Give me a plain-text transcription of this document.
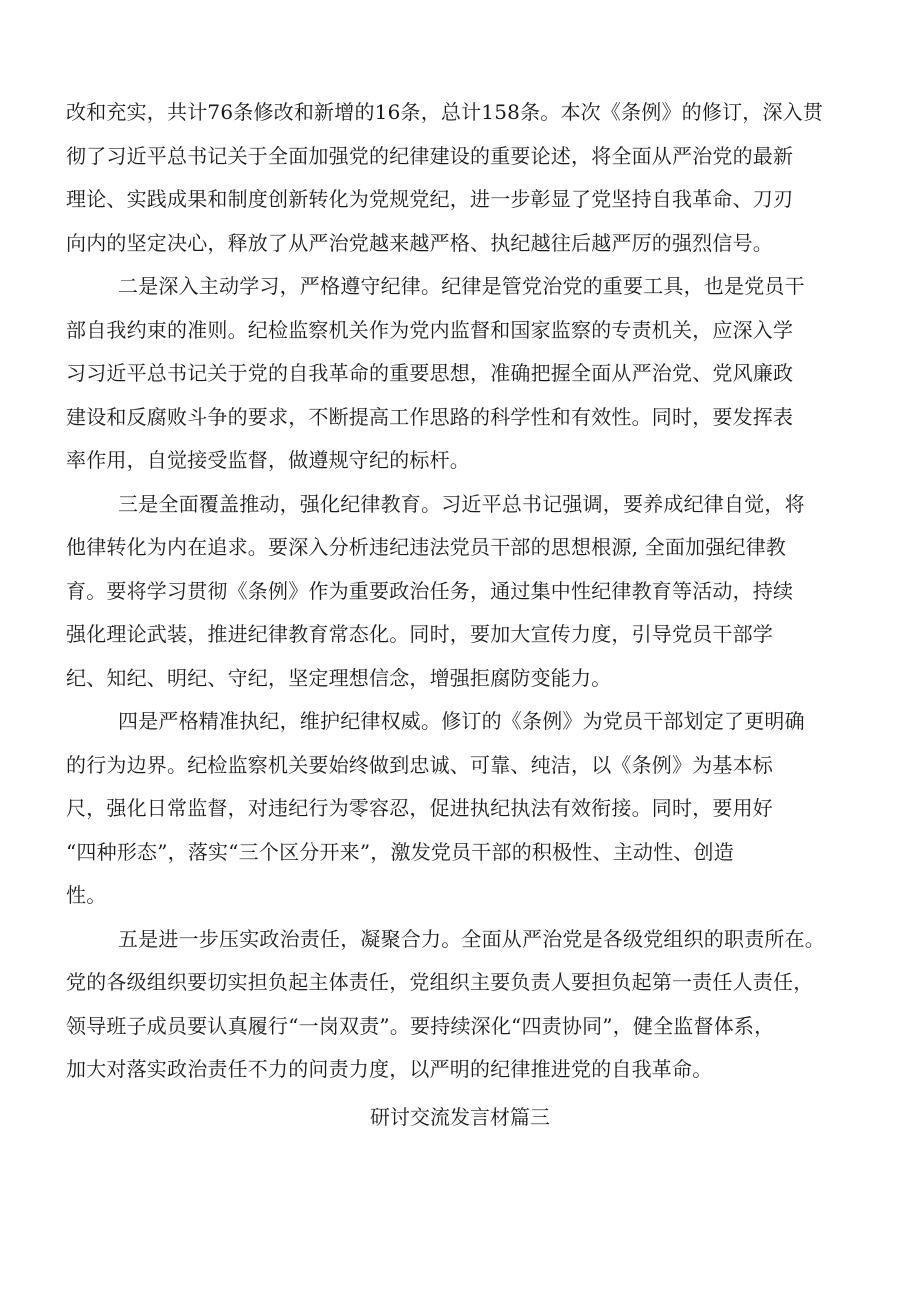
改和充实，共计76条修改和新增的16条，总计158条。本次《条例》的修订，深入贯
彻了习近平总书记关于全面加强党的纪律建设的重要论述，将全面从严治党的最新
理论、实践成果和制度创新转化为党规党纪，进一步彰显了党坚持自我革命、刀刃
向内的坚定决心，释放了从严治党越来越严格、执纪越往后越严厉的强烈信号。
二是深入主动学习，严格遵守纪律。纪律是管党治党的重要工具，也是党员干
部自我约束的准则。纪检监察机关作为党内监督和国家监察的专责机关，应深入学
习习近平总书记关于党的自我革命的重要思想，准确把握全面从严治党、党风廉政
建设和反腐败斗争的要求，不断提高工作思路的科学性和有效性。同时，要发挥表
率作用，自觉接受监督，做遵规守纪的标杆。
三是全面覆盖推动，强化纪律教育。习近平总书记强调，要养成纪律自觉，将
他律转化为内在追求。要深入分析违纪违法党员干部的思想根源, 全面加强纪律教
育。要将学习贯彻《条例》作为重要政治任务，通过集中性纪律教育等活动，持续
强化理论武装，推进纪律教育常态化。同时，要加大宣传力度，引导党员干部学
纪、知纪、明纪、守纪，坚定理想信念，增强拒腐防变能力。
四是严格精准执纪，维护纪律权威。修订的《条例》为党员干部划定了更明确
的行为边界。纪检监察机关要始终做到忠诚、可靠、纯洁，以《条例》为基本标
尺，强化日常监督，对违纪行为零容忍，促进执纪执法有效衔接。同时，要用好
“四种形态”，落实“三个区分开来”，激发党员干部的积极性、主动性、创造
性。
五是进一步压实政治责任，凝聚合力。全面从严治党是各级党组织的职责所在。
党的各级组织要切实担负起主体责任，党组织主要负责人要担负起第一责任人责任，
领导班子成员要认真履行“一岗双责”。要持续深化“四责协同”，健全监督体系，
加大对落实政治责任不力的问责力度，以严明的纪律推进党的自我革命。
研讨交流发言材篇三
